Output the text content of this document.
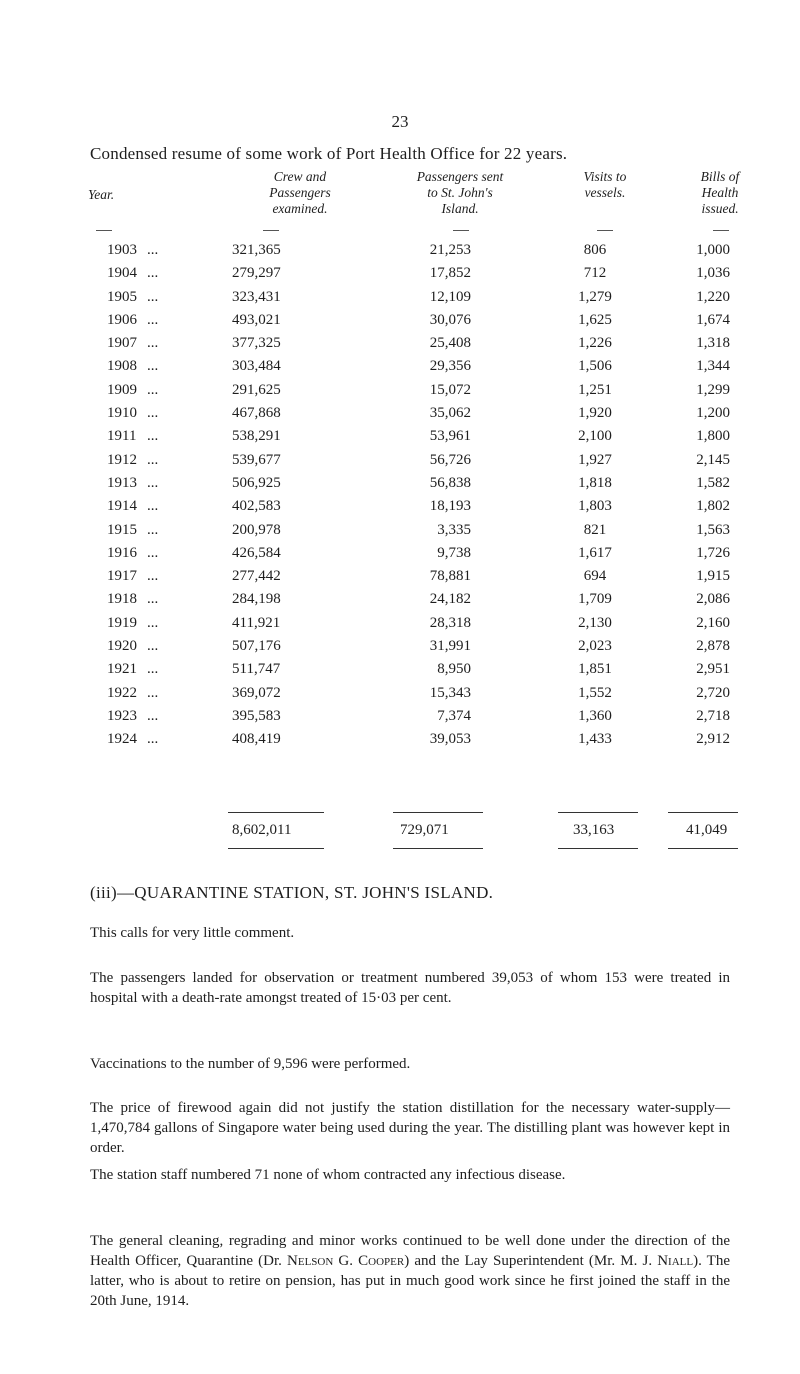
23
Condensed resume of some work of Port Health Office for 22 years.
Year.
Crew and
Passengers
examined.
Passengers sent
to St. John's
Island.
Visits to
vessels.
Bills of
Health
issued.
1903 ...	321,365	21,253	806	1,000
1904 ...	279,297	17,852	712	1,036
1905 ...	323,431	12,109	1,279	1,220
1906 ...	493,021	30,076	1,625	1,674
1907 ...	377,325	25,408	1,226	1,318
1908 ...	303,484	29,356	1,506	1,344
1909 ...	291,625	15,072	1,251	1,299
1910 ...	467,868	35,062	1,920	1,200
1911 ...	538,291	53,961	2,100	1,800
1912 ...	539,677	56,726	1,927	2,145
1913 ...	506,925	56,838	1,818	1,582
1914 ...	402,583	18,193	1,803	1,802
1915 ...	200,978	3,335	821	1,563
1916 ...	426,584	9,738	1,617	1,726
1917 ...	277,442	78,881	694	1,915
1918 ...	284,198	24,182	1,709	2,086
1919 ...	411,921	28,318	2,130	2,160
1920 ...	507,176	31,991	2,023	2,878
1921 ...	511,747	8,950	1,851	2,951
1922 ...	369,072	15,343	1,552	2,720
1923 ...	395,583	7,374	1,360	2,718
1924 ...	408,419	39,053	1,433	2,912
8,602,011	729,071	33,163	41,049
(iii)—QUARANTINE STATION, ST. JOHN'S ISLAND.

This calls for very little comment.

The passengers landed for observation or treatment numbered 39,053 of whom 153 were treated in hospital with a death-rate amongst treated of 15·03 per cent.

Vaccinations to the number of 9,596 were performed.

The price of firewood again did not justify the station distillation for the necessary water-supply—1,470,784 gallons of Singapore water being used during the year. The distilling plant was however kept in order.

The station staff numbered 71 none of whom contracted any infectious disease.

The general cleaning, regrading and minor works continued to be well done under the direction of the Health Officer, Quarantine (Dr. Nelson G. Cooper) and the Lay Superintendent (Mr. M. J. Niall). The latter, who is about to retire on pension, has put in much good work since he first joined the staff in the 20th June, 1914.
